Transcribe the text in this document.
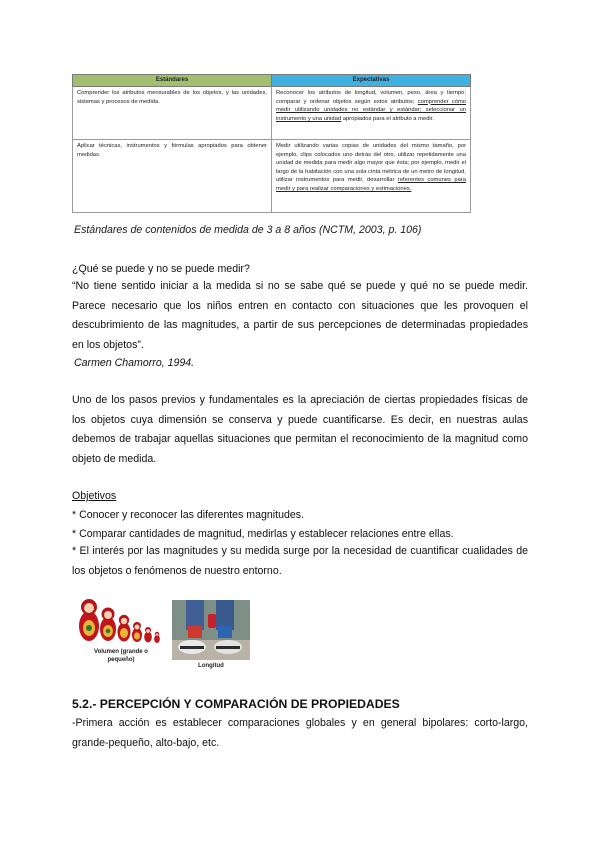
Estándares	Expectativas
Comprender los atributos mensurables de los objetos, y las unidades, sistemas y procesos de medida.	Reconocer los atributos de longitud, volumen, peso, área y tiempo; comparar y ordenar objetos según estos atributos; comprender cómo medir utilizando unidades no estándar y estándar; seleccionar un instrumento y una unidad apropiados para el atributo a medir.
Aplicar técnicas, instrumentos y fórmulas apropiados para obtener medidas.	Medir utilizando varias copias de unidades del mismo tamaño, por ejemplo, clips colocados uno detrás del otro, utilizar repetidamente una unidad de medida para medir algo mayor que ésta; por ejemplo, medir el largo de la habitación con una sola cinta métrica de un metro de longitud, utilizar instrumentos para medir, desarrollar referentes comunes para medir y para realizar comparaciones y estimaciones.
Estándares de contenidos de medida de 3 a 8 años (NCTM, 2003, p. 106)
¿Qué se puede y no se puede medir?
“No tiene sentido iniciar a la medida si no se sabe qué se puede y qué no se puede medir. Parece necesario que los niños entren en contacto con situaciones que les provoquen el descubrimiento de las magnitudes, a partir de sus percepciones de determinadas propiedades en los objetos”.
Carmen Chamorro, 1994.
Uno de los pasos previos y fundamentales es la apreciación de ciertas propiedades físicas de los objetos cuya dimensión se conserva y puede cuantificarse. Es decir, en nuestras aulas debemos de trabajar aquellas situaciones que permitan el reconocimiento de la magnitud como objeto de medida.
Objetivos
* Conocer y reconocer las diferentes magnitudes.
* Comparar cantidades de magnitud, medirlas y establecer relaciones entre ellas.
* El interés por las magnitudes y su medida surge por la necesidad de cuantificar cualidades de los objetos o fenómenos de nuestro entorno.
Volumen (grande o pequeño)
Longitud
5.2.- PERCEPCIÓN Y COMPARACIÓN DE PROPIEDADES
-Primera acción es establecer comparaciones globales y en general bipolares: corto-largo, grande-pequeño, alto-bajo, etc.
